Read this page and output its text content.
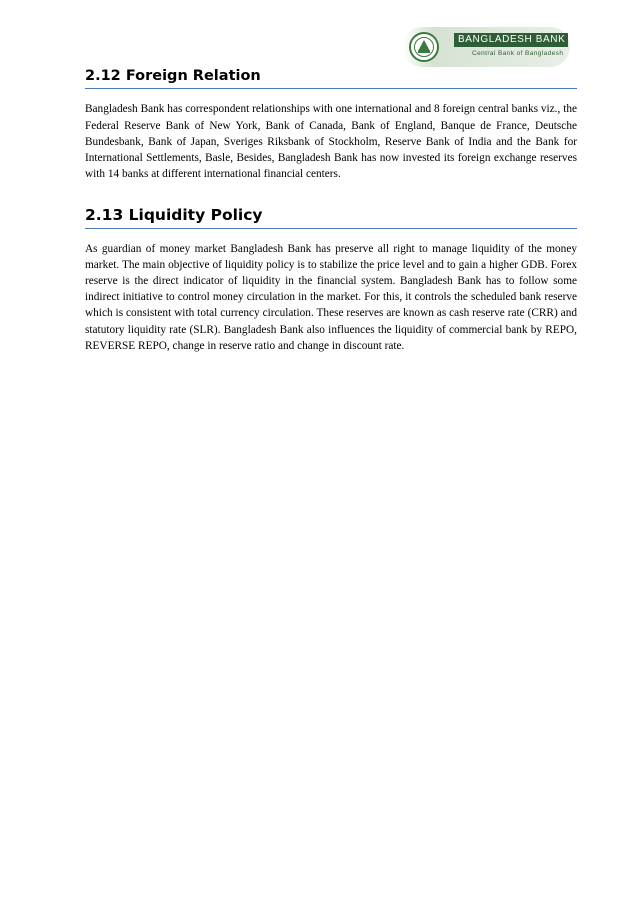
BANGLADESH BANK
Central Bank of Bangladesh
2.12 Foreign Relation

Bangladesh Bank has correspondent relationships with one international and 8 foreign central banks viz., the Federal Reserve Bank of New York, Bank of Canada, Bank of England, Banque de France, Deutsche Bundesbank, Bank of Japan, Sveriges Riksbank of Stockholm, Reserve Bank of India and the Bank for International Settlements, Basle, Besides, Bangladesh Bank has now invested its foreign exchange reserves with 14 banks at different international financial centers.

2.13 Liquidity Policy

As guardian of money market Bangladesh Bank has preserve all right to manage liquidity of the money market. The main objective of liquidity policy is to stabilize the price level and to gain a higher GDB. Forex reserve is the direct indicator of liquidity in the financial system. Bangladesh Bank has to follow some indirect initiative to control money circulation in the market. For this, it controls the scheduled bank reserve which is consistent with total currency circulation. These reserves are known as cash reserve rate (CRR) and statutory liquidity rate (SLR). Bangladesh Bank also influences the liquidity of commercial bank by REPO, REVERSE REPO, change in reserve ratio and change in discount rate.
